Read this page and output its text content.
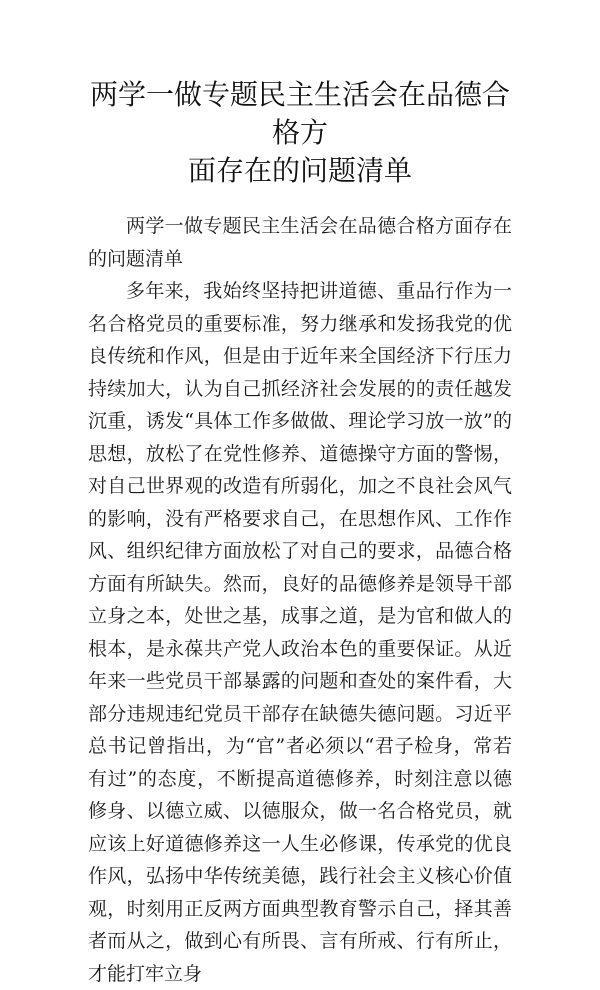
两学一做专题民主生活会在品德合格方
面存在的问题清单

两学一做专题民主生活会在品德合格方面存在的问题清单

多年来，我始终坚持把讲道德、重品行作为一名合格党员的重要标准，努力继承和发扬我党的优良传统和作风，但是由于近年来全国经济下行压力持续加大，认为自己抓经济社会发展的的责任越发沉重，诱发“具体工作多做做、理论学习放一放”的思想，放松了在党性修养、道德操守方面的警惕，对自己世界观的改造有所弱化，加之不良社会风气的影响，没有严格要求自己，在思想作风、工作作风、组织纪律方面放松了对自己的要求，品德合格方面有所缺失。然而，良好的品德修养是领导干部立身之本，处世之基，成事之道，是为官和做人的根本，是永葆共产党人政治本色的重要保证。从近年来一些党员干部暴露的问题和查处的案件看，大部分违规违纪党员干部存在缺德失德问题。习近平总书记曾指出，为“官”者必须以“君子检身，常若有过”的态度，不断提高道德修养，时刻注意以德修身、以德立威、以德服众，做一名合格党员，就应该上好道德修养这一人生必修课，传承党的优良作风，弘扬中华传统美德，践行社会主义核心价值观，时刻用正反两方面典型教育警示自己，择其善者而从之，做到心有所畏、言有所戒、行有所止，才能打牢立身
